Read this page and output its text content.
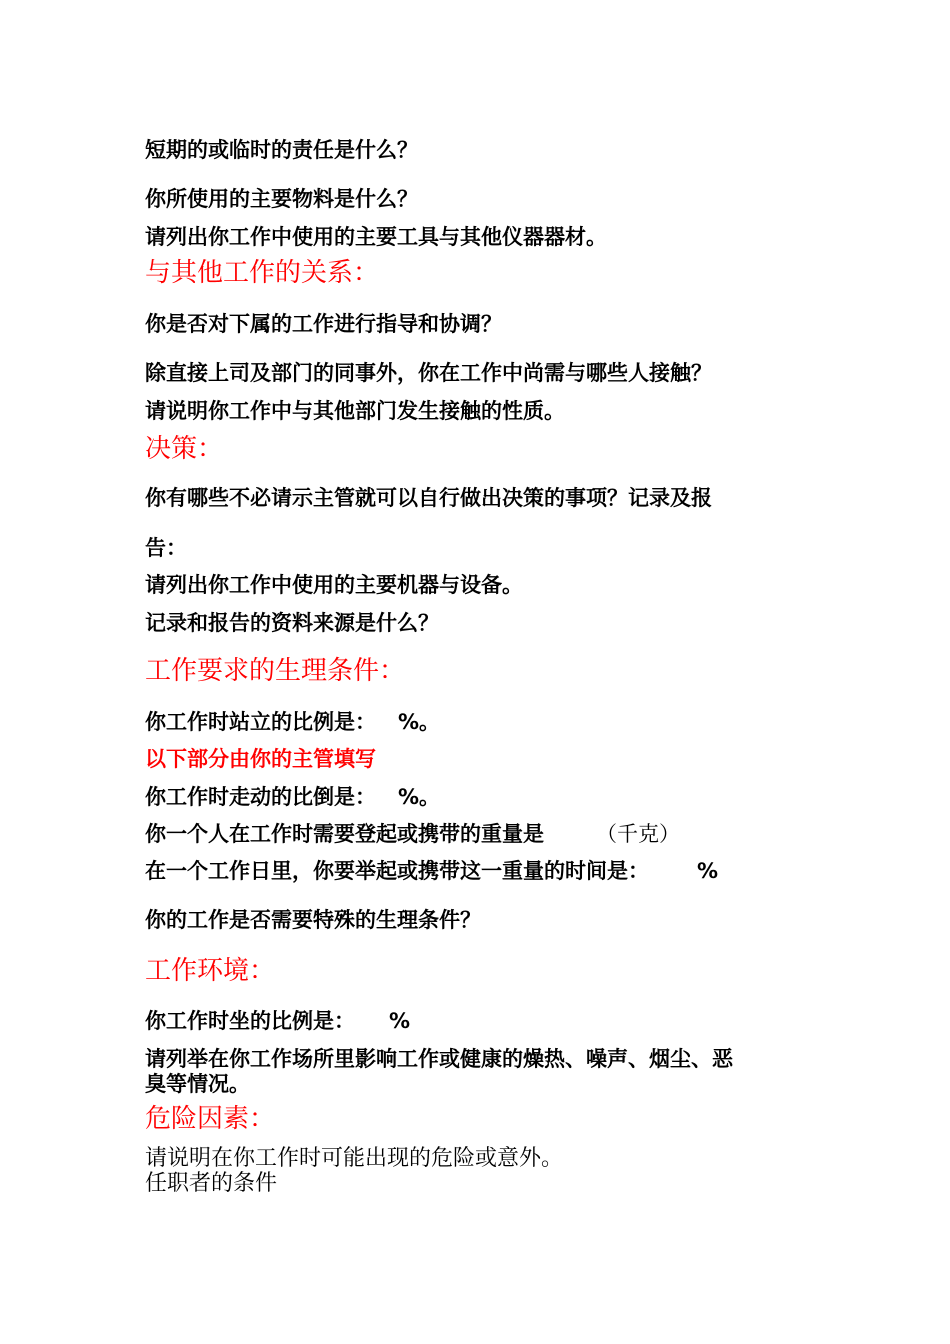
短期的或临时的责任是什么？
你所使用的主要物料是什么？
请列出你工作中使用的主要工具与其他仪器器材。
与其他工作的关系：
你是否对下属的工作进行指导和协调？
除直接上司及部门的同事外，你在工作中尚需与哪些人接触？
请说明你工作中与其他部门发生接触的性质。
决策：
你有哪些不必请示主管就可以自行做出决策的事项？记录及报
告：
请列出你工作中使用的主要机器与设备。
记录和报告的资料来源是什么？
工作要求的生理条件：
你工作时站立的比例是： %。
以下部分由你的主管填写
你工作时走动的比倒是： %。
你一个人在工作时需要登起或携带的重量是 （千克）
在一个工作日里，你要举起或携带这一重量的时间是： %
你的工作是否需要特殊的生理条件？
工作环境：
你工作时坐的比例是： %
请列举在你工作场所里影响工作或健康的燥热、噪声、烟尘、恶
臭等情况。
危险因素：
请说明在你工作时可能出现的危险或意外。
任职者的条件
